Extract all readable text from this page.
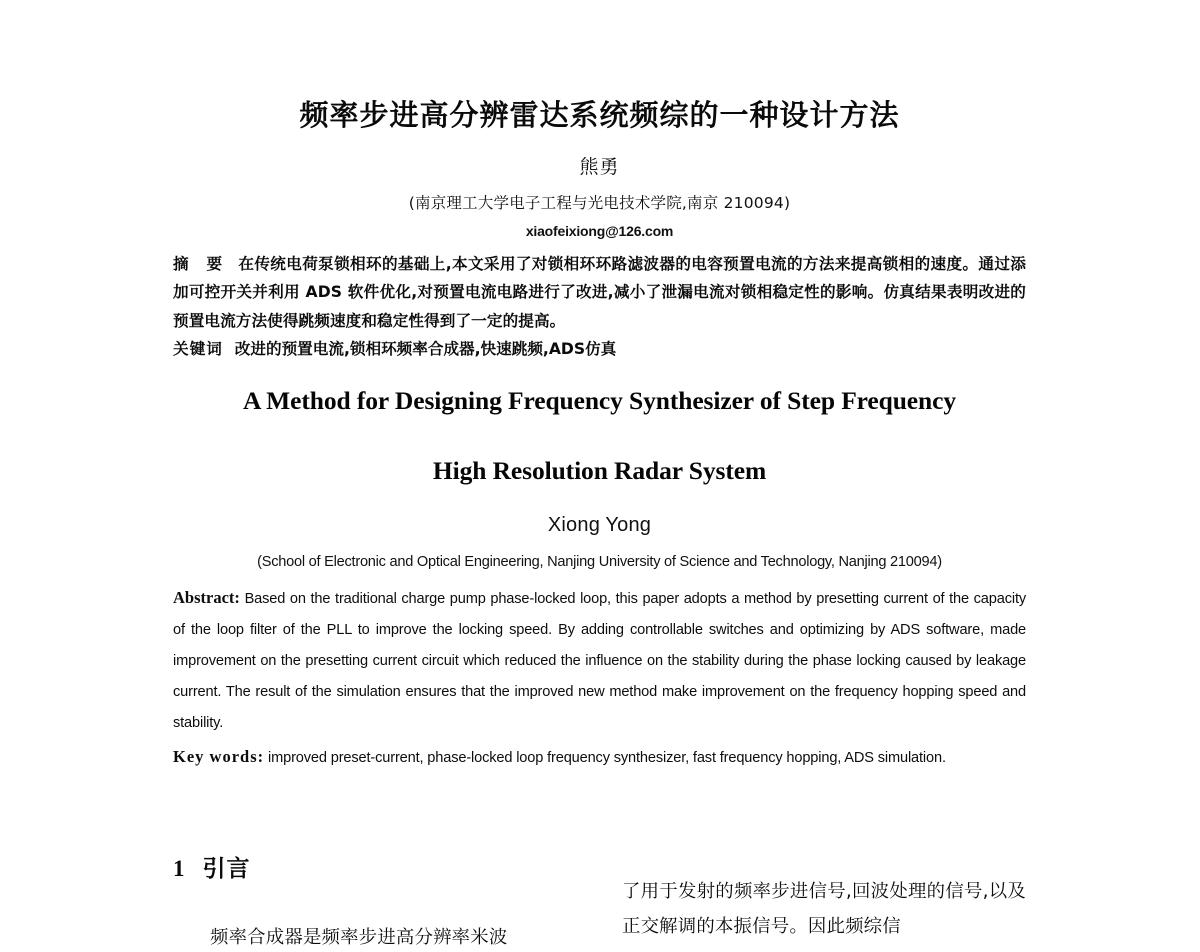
频率步进高分辨雷达系统频综的一种设计方法
熊勇
(南京理工大学电子工程与光电技术学院,南京 210094)
xiaofeixiong@126.com
摘 要 在传统电荷泵锁相环的基础上,本文采用了对锁相环环路滤波器的电容预置电流的方法来提高锁相的速度。通过添加可控开关并利用 ADS 软件优化,对预置电流电路进行了改进,减小了泄漏电流对锁相稳定性的影响。仿真结果表明改进的预置电流方法使得跳频速度和稳定性得到了一定的提高。
关键词 改进的预置电流,锁相环频率合成器,快速跳频,ADS仿真
A Method for Designing Frequency Synthesizer of Step Frequency
High Resolution Radar System
Xiong Yong
(School of Electronic and Optical Engineering, Nanjing University of Science and Technology, Nanjing 210094)
Abstract: Based on the traditional charge pump phase-locked loop, this paper adopts a method by presetting current of the capacity of the loop filter of the PLL to improve the locking speed. By adding controllable switches and optimizing by ADS software, made improvement on the presetting current circuit which reduced the influence on the stability during the phase locking caused by leakage current. The result of the simulation ensures that the improved new method make improvement on the frequency hopping speed and stability.
Key words: improved preset-current, phase-locked loop frequency synthesizer, fast frequency hopping, ADS simulation.
1 引言

频率合成器是频率步进高分辨率米波

了用于发射的频率步进信号,回波处理的信号,以及正交解调的本振信号。因此频综信
